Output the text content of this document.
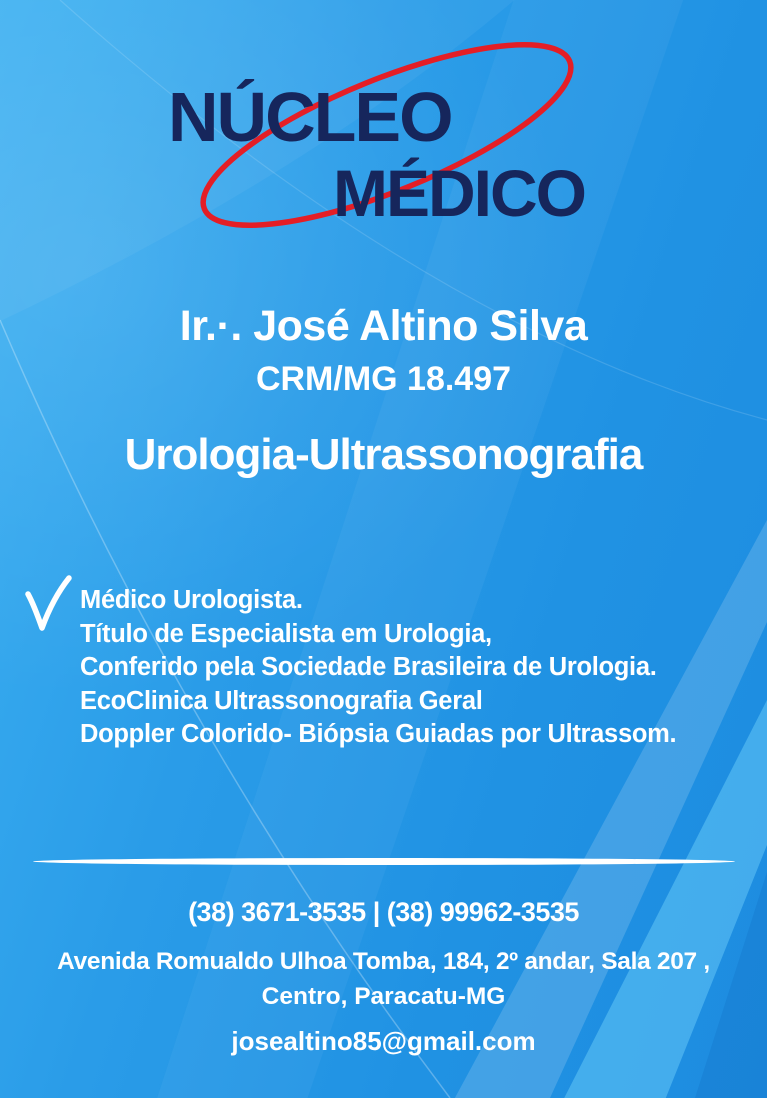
NÚCLEO
MÉDICO
Ir.·. José Altino Silva
CRM/MG 18.497
Urologia-Ultrassonografia
Médico Urologista.
Título de Especialista em Urologia,
Conferido pela Sociedade Brasileira de Urologia.
EcoClinica Ultrassonografia Geral
Doppler Colorido- Biópsia Guiadas por Ultrassom.
(38) 3671-3535 | (38) 99962-3535
Avenida Romualdo Ulhoa Tomba, 184, 2º andar, Sala 207 ,
Centro, Paracatu-MG
josealtino85@gmail.com
